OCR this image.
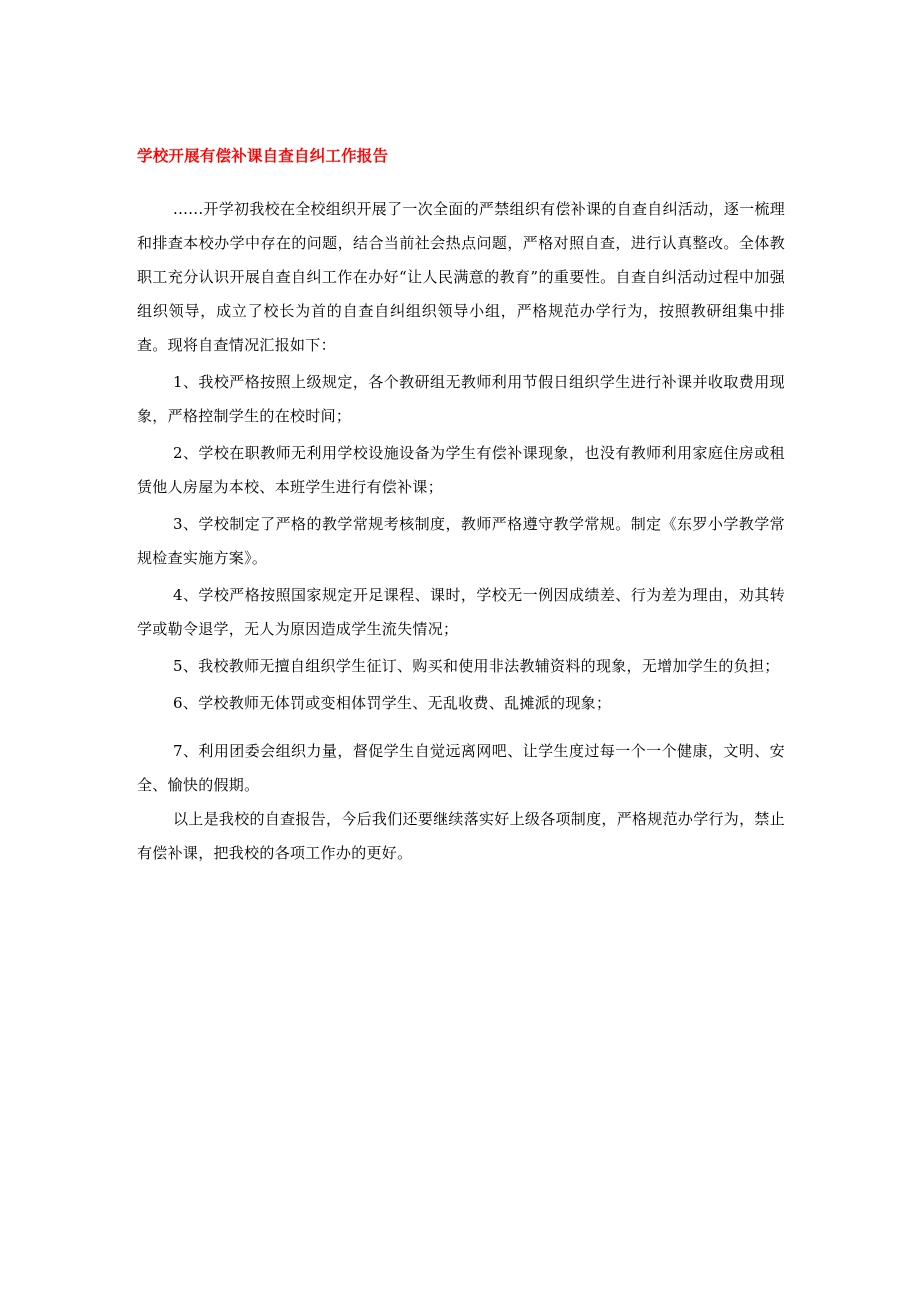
学校开展有偿补课自查自纠工作报告

......开学初我校在全校组织开展了一次全面的严禁组织有偿补课的自查自纠活动，逐一梳理和排查本校办学中存在的问题，结合当前社会热点问题，严格对照自查，进行认真整改。全体教职工充分认识开展自查自纠工作在办好“让人民满意的教育”的重要性。自查自纠活动过程中加强组织领导，成立了校长为首的自查自纠组织领导小组，严格规范办学行为，按照教研组集中排查。现将自查情况汇报如下：

1、我校严格按照上级规定，各个教研组无教师利用节假日组织学生进行补课并收取费用现象，严格控制学生的在校时间；

2、学校在职教师无利用学校设施设备为学生有偿补课现象，也没有教师利用家庭住房或租赁他人房屋为本校、本班学生进行有偿补课；

3、学校制定了严格的教学常规考核制度，教师严格遵守教学常规。制定《东罗小学教学常规检查实施方案》。

4、学校严格按照国家规定开足课程、课时，学校无一例因成绩差、行为差为理由，劝其转学或勒令退学，无人为原因造成学生流失情况；

5、我校教师无擅自组织学生征订、购买和使用非法教辅资料的现象，无增加学生的负担；

6、学校教师无体罚或变相体罚学生、无乱收费、乱摊派的现象；

7、利用团委会组织力量，督促学生自觉远离网吧、让学生度过每一个一个健康，文明、安全、愉快的假期。

以上是我校的自查报告，今后我们还要继续落实好上级各项制度，严格规范办学行为，禁止有偿补课，把我校的各项工作办的更好。
